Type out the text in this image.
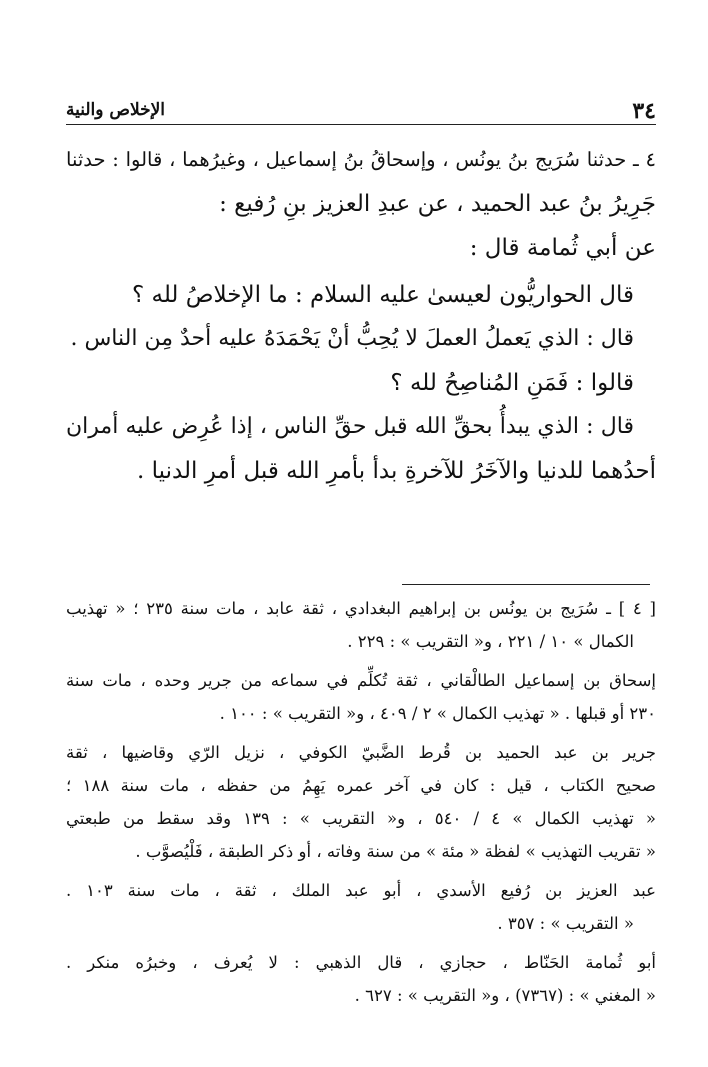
٣٤
الإخلاص والنية
٤ ـ حدثنا سُرَيج بنُ يونُس ، وإسحاقُ بنُ إسماعيل ، وغيرُهما ، قالوا : حدثنا
جَرِيرُ بنُ عبد الحميد ، عن عبدِ العزيز بنِ رُفيع :
عن أبي ثُمامة قال :
قال الحواريُّون لعيسىٰ عليه السلام : ما الإخلاصُ لله ؟
قال : الذي يَعملُ العملَ لا يُحِبُّ أنْ يَحْمَدَهُ عليه أحدٌ مِن الناس .
قالوا : فَمَنِ المُناصِحُ لله ؟
قال : الذي يبدأُ بحقِّ الله قبل حقِّ الناس ، إذا عُرِض عليه أمران
أحدُهما للدنيا والآخَرُ للآخرةِ بدأ بأمرِ الله قبل أمرِ الدنيا .
[ ٤ ] ـ سُرَيج بن يونُس بن إبراهيم البغدادي ، ثقة عابد ، مات سنة ٢٣٥ ؛ « تهذيب
الكمال » ١٠ / ٢٢١ ، و« التقريب » : ٢٢٩ .
إسحاق بن إسماعيل الطالْقاني ، ثقة تُكلِّم في سماعه من جرير وحده ، مات سنة
٢٣٠ أو قبلها . « تهذيب الكمال » ٢ / ٤٠٩ ، و« التقريب » : ١٠٠ .
جرير بن عبد الحميد بن قُرط الضَّبيّ الكوفي ، نزيل الرّي وقاضيها ، ثقة
صحيح الكتاب ، قيل : كان في آخر عمره يَهِمُ من حفظه ، مات سنة ١٨٨ ؛
« تهذيب الكمال » ٤ / ٥٤٠ ، و« التقريب » : ١٣٩ وقد سقط من طبعتي
« تقريب التهذيب » لفظة « مئة » من سنة وفاته ، أو ذكر الطبقة ، فَلْيُصوَّب .
عبد العزيز بن رُفيع الأسدي ، أبو عبد الملك ، ثقة ، مات سنة ١٠٣ .
« التقريب » : ٣٥٧ .
أبو ثُمامة الحَنّاط ، حجازي ، قال الذهبي : لا يُعرف ، وخبرُه منكر .
« المغني » : (٧٣٦٧) ، و« التقريب » : ٦٢٧ .
